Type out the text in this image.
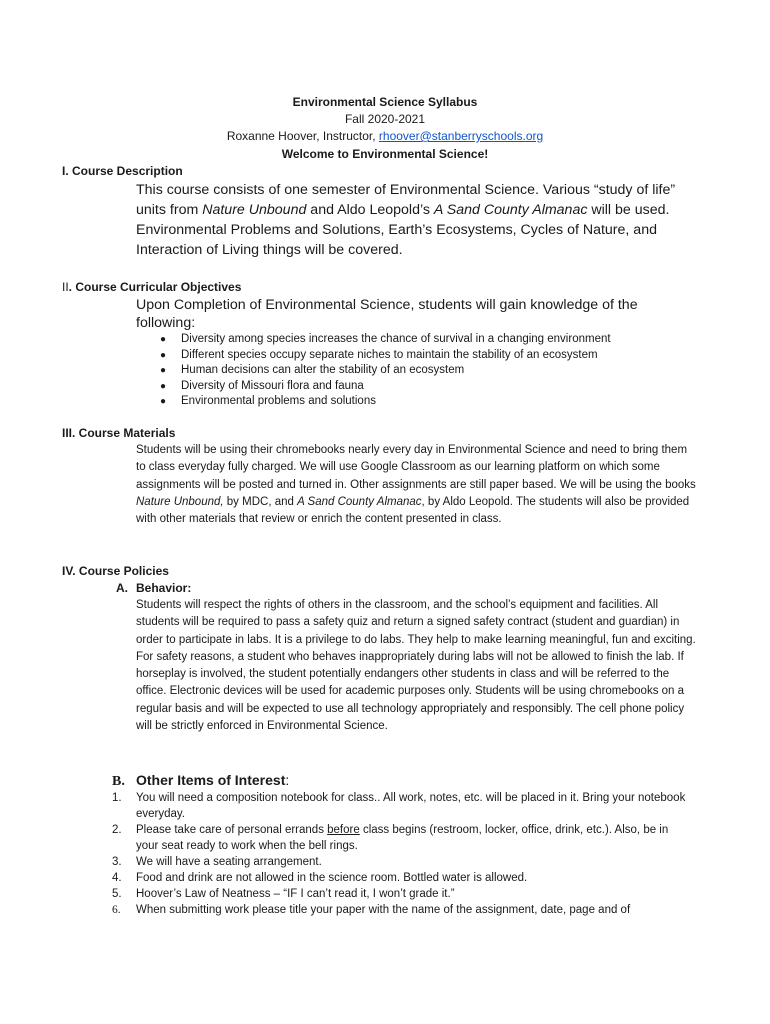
Environmental Science Syllabus
Fall 2020-2021
Roxanne Hoover, Instructor, rhoover@stanberryschools.org
Welcome to Environmental Science!
I. Course Description
This course consists of one semester of Environmental Science. Various “study of life” units from Nature Unbound and Aldo Leopold’s A Sand County Almanac will be used. Environmental Problems and Solutions, Earth’s Ecosystems, Cycles of Nature, and Interaction of Living things will be covered.
II. Course Curricular Objectives
Upon Completion of Environmental Science, students will gain knowledge of the following:
● Diversity among species increases the chance of survival in a changing environment
● Different species occupy separate niches to maintain the stability of an ecosystem
● Human decisions can alter the stability of an ecosystem
● Diversity of Missouri flora and fauna
● Environmental problems and solutions
III. Course Materials
Students will be using their chromebooks nearly every day in Environmental Science and need to bring them to class everyday fully charged. We will use Google Classroom as our learning platform on which some assignments will be posted and turned in. Other assignments are still paper based. We will be using the books Nature Unbound, by MDC, and A Sand County Almanac, by Aldo Leopold. The students will also be provided with other materials that review or enrich the content presented in class.
IV. Course Policies
A. Behavior:
Students will respect the rights of others in the classroom, and the school’s equipment and facilities. All students will be required to pass a safety quiz and return a signed safety contract (student and guardian) in order to participate in labs. It is a privilege to do labs. They help to make learning meaningful, fun and exciting. For safety reasons, a student who behaves inappropriately during labs will not be allowed to finish the lab. If horseplay is involved, the student potentially endangers other students in class and will be referred to the office. Electronic devices will be used for academic purposes only. Students will be using chromebooks on a regular basis and will be expected to use all technology appropriately and responsibly. The cell phone policy will be strictly enforced in Environmental Science.
B. Other Items of Interest:
1. You will need a composition notebook for class.. All work, notes, etc. will be placed in it. Bring your notebook everyday.
2. Please take care of personal errands before class begins (restroom, locker, office, drink, etc.). Also, be in your seat ready to work when the bell rings.
3. We will have a seating arrangement.
4. Food and drink are not allowed in the science room. Bottled water is allowed.
5. Hoover’s Law of Neatness – “IF I can’t read it, I won’t grade it.”
6. When submitting work please title your paper with the name of the assignment, date, page and of
